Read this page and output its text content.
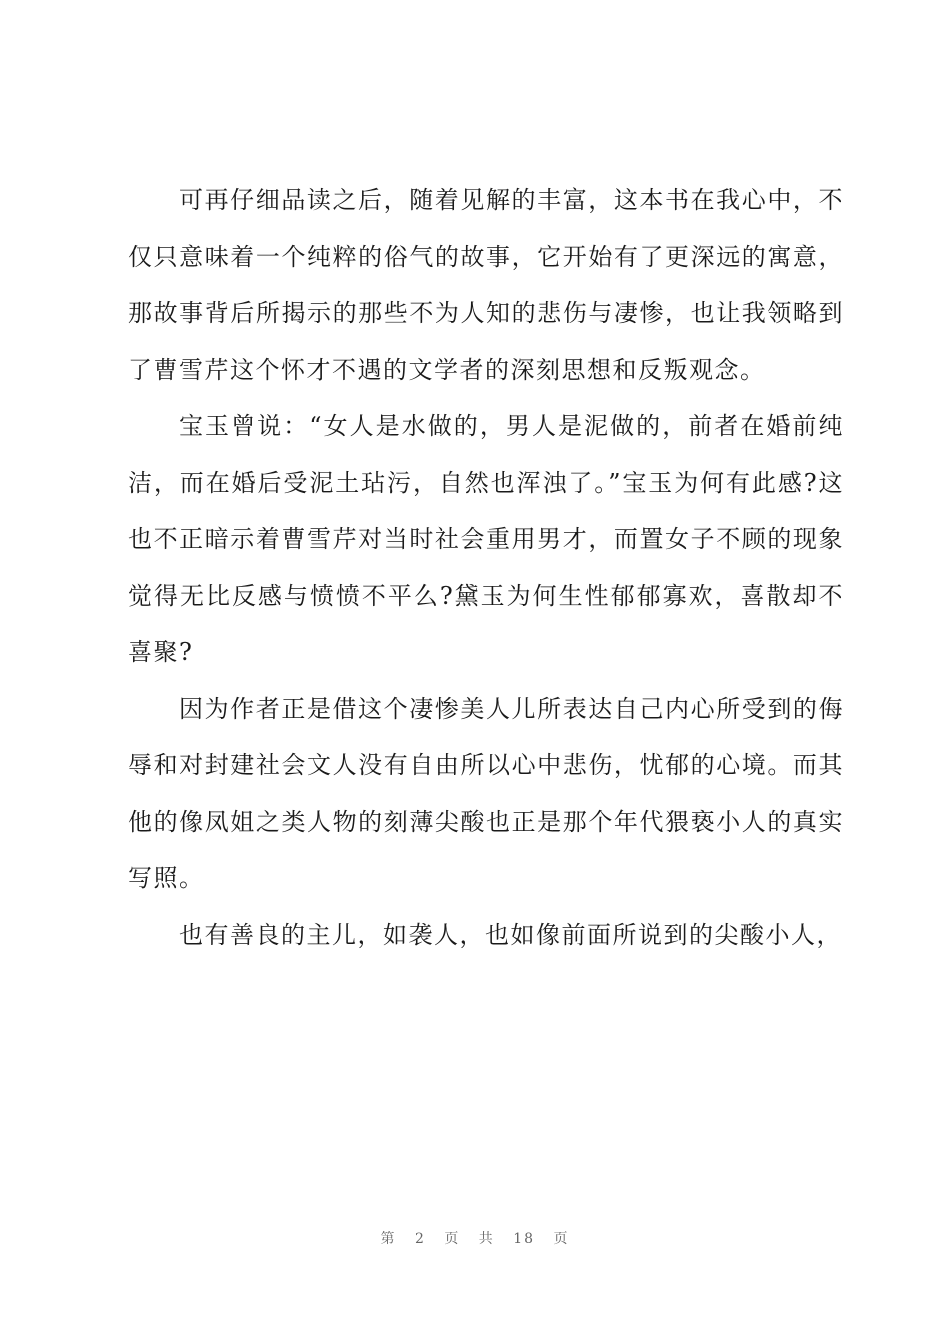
可再仔细品读之后，随着见解的丰富，这本书在我心中，不仅只意味着一个纯粹的俗气的故事，它开始有了更深远的寓意，那故事背后所揭示的那些不为人知的悲伤与凄惨，也让我领略到了曹雪芹这个怀才不遇的文学者的深刻思想和反叛观念。

宝玉曾说：“女人是水做的，男人是泥做的，前者在婚前纯洁，而在婚后受泥土玷污，自然也浑浊了。”宝玉为何有此感?这也不正暗示着曹雪芹对当时社会重用男才，而置女子不顾的现象觉得无比反感与愤愤不平么?黛玉为何生性郁郁寡欢，喜散却不喜聚?

因为作者正是借这个凄惨美人儿所表达自己内心所受到的侮辱和对封建社会文人没有自由所以心中悲伤，忧郁的心境。而其他的像凤姐之类人物的刻薄尖酸也正是那个年代猥亵小人的真实写照。

也有善良的主儿，如袭人，也如像前面所说到的尖酸小人，

第 2 页 共 18 页
